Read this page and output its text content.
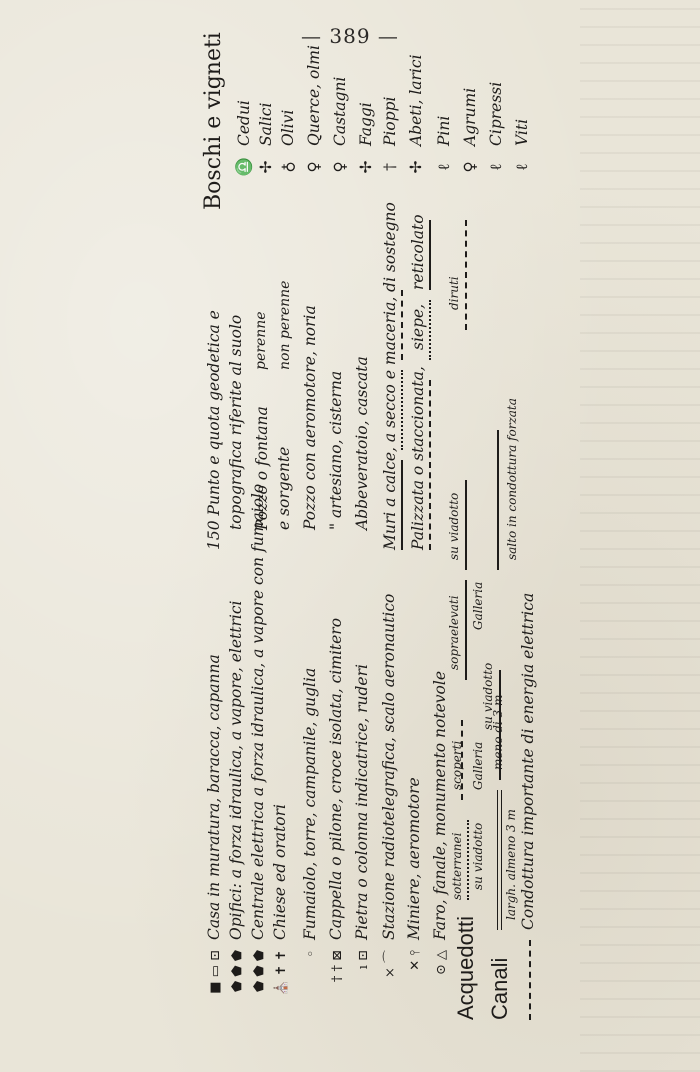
— 389 —
■ ▭ ⊡Casa in muratura, baracca, capanna
⬟ ⬟ ⬟Opifici: a forza idraulica, a vapore, elettrici
⬟ ⬟ ⬟Centrale elettrica a forza idraulica, a vapore con fumaiolo
⛪ ✝ ✝Chiese ed oratori
◦Fumaiolo, torre, campanile, guglia
† † ⊠Cappella o pilone, croce isolata, cimitero
ı ⊡Pietra o colonna indicatrice, ruderi
⨯ ⌒Stazione radiotelegrafica, scalo aeronautico
✕ ⫯Miniere, aeromotore
⊙ △Faro, fanale, monumento notevole
Acquedotti
sotterranei
scoperti
sopraelevati
su viadotto
su viadotto
Galleria
Galleria
Canali
largh. almeno 3 m
meno di 3 m
su viadotto
salto in condottura forzata
Condottura importante di energia elettrica
150 Punto e quota geodetica e topografica riferite al suolo Pozzo o fontana
perenne
e sorgente
non perenne Pozzo con aeromotore, noria " artesiano, cisterna Abbeveratoio, cascata Muri a calce, a secco e maceria, di sostegno Palizzata o staccionata,
siepe,
reticolato
diruti
Boschi e vigneti ♎Cedui
✢Salici
♁Olivi
♀Querce, olmi
♀Castagni
✢Faggi
†Pioppi
✢Abeti, larici
ℓPini
♀Agrumi
ℓCipressi
ℓViti
